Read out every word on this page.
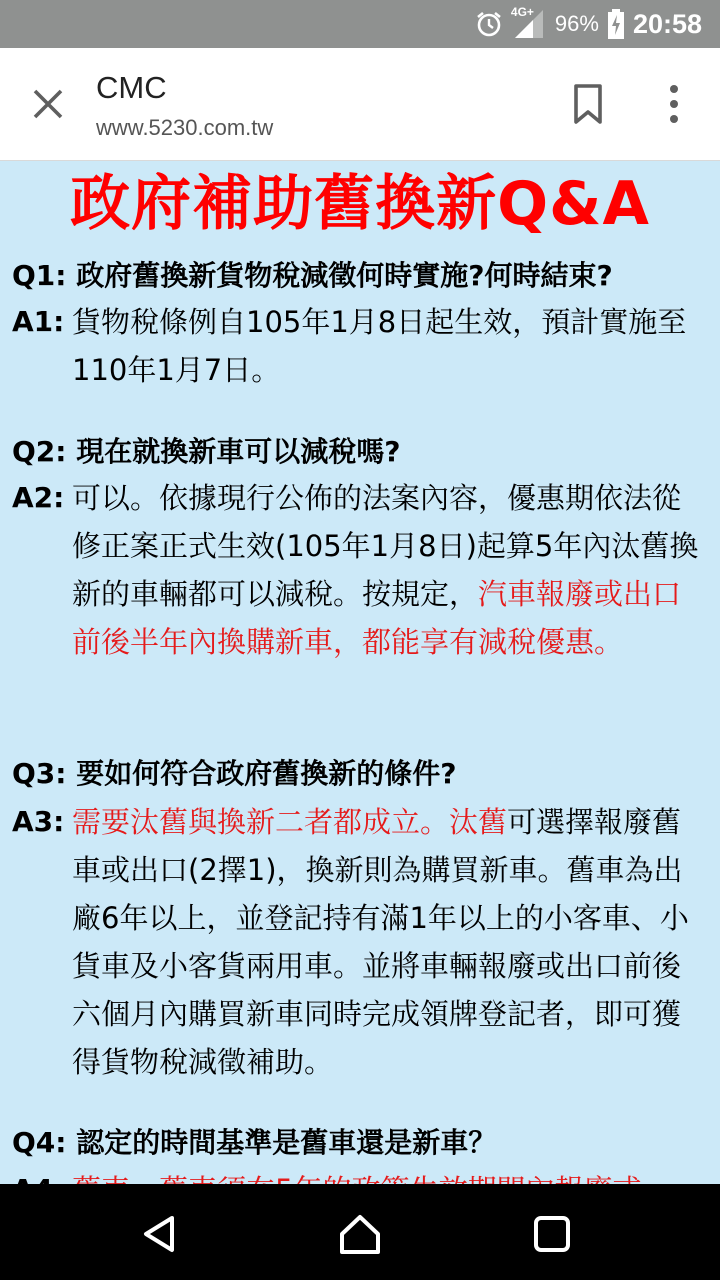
4G+ 96% 20:58
CMC
www.5230.com.tw
政府補助舊換新Q&A
Q1: 政府舊換新貨物稅減徵何時實施?何時結束?
A1: 貨物稅條例自105年1月8日起生效，預計實施至110年1月7日。
Q2: 現在就換新車可以減稅嗎?
A2: 可以。依據現行公佈的法案內容，優惠期依法從修正案正式生效(105年1月8日)起算5年內汰舊換新的車輛都可以減稅。按規定，汽車報廢或出口前後半年內換購新車，都能享有減稅優惠。
Q3: 要如何符合政府舊換新的條件?
A3: 需要汰舊與換新二者都成立。汰舊可選擇報廢舊車或出口(2擇1)，換新則為購買新車。舊車為出廠6年以上，並登記持有滿1年以上的小客車、小貨車及小客貨兩用車。並將車輛報廢或出口前後六個月內購買新車同時完成領牌登記者，即可獲得貨物稅減徵補助。
Q4: 認定的時間基準是舊車還是新車？
